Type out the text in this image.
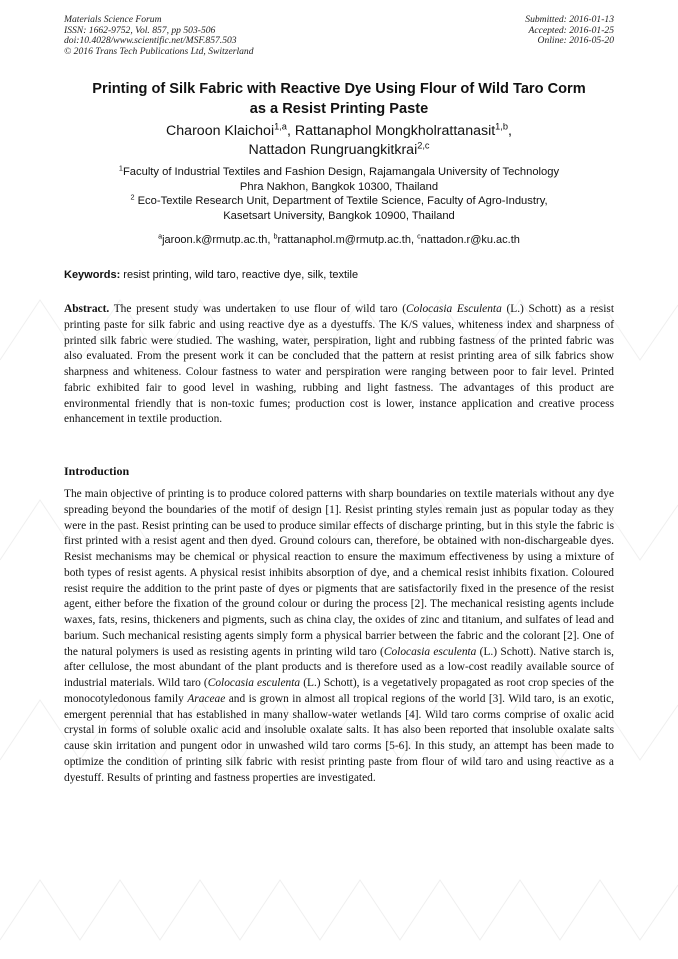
Materials Science Forum
ISSN: 1662-9752, Vol. 857, pp 503-506
doi:10.4028/www.scientific.net/MSF.857.503
© 2016 Trans Tech Publications Ltd, Switzerland
Submitted: 2016-01-13
Accepted: 2016-01-25
Online: 2016-05-20
Printing of Silk Fabric with Reactive Dye Using Flour of Wild Taro Corm
as a Resist Printing Paste
Charoon Klaichoi$^{1,a}$, Rattanaphol Mongkholrattanasit$^{1,b}$,
Nattadon Rungruangkitkrai$^{2,c}$
$^1$Faculty of Industrial Textiles and Fashion Design, Rajamangala University of Technology
Phra Nakhon, Bangkok 10300, Thailand
$^2$ Eco-Textile Research Unit, Department of Textile Science, Faculty of Agro-Industry,
Kasetsart University, Bangkok 10900, Thailand
$^a$jaroon.k@rmutp.ac.th, $^b$rattanaphol.m@rmutp.ac.th, $^c$nattadon.r@ku.ac.th
Keywords: resist printing, wild taro, reactive dye, silk, textile
Abstract. The present study was undertaken to use flour of wild taro (Colocasia Esculenta (L.) Schott) as a resist printing paste for silk fabric and using reactive dye as a dyestuffs. The K/S values, whiteness index and sharpness of printed silk fabric were studied. The washing, water, perspiration, light and rubbing fastness of the printed fabric was also evaluated. From the present work it can be concluded that the pattern at resist printing area of silk fabrics show sharpness and whiteness. Colour fastness to water and perspiration were ranging between poor to fair level. Printed fabric exhibited fair to good level in washing, rubbing and light fastness. The advantages of this product are environmental friendly that is non-toxic fumes; production cost is lower, instance application and creative process enhancement in textile production.
Introduction
The main objective of printing is to produce colored patterns with sharp boundaries on textile materials without any dye spreading beyond the boundaries of the motif of design [1]. Resist printing styles remain just as popular today as they were in the past. Resist printing can be used to produce similar effects of discharge printing, but in this style the fabric is first printed with a resist agent and then dyed. Ground colours can, therefore, be obtained with non-dischargeable dyes. Resist mechanisms may be chemical or physical reaction to ensure the maximum effectiveness by using a mixture of both types of resist agents. A physical resist inhibits absorption of dye, and a chemical resist inhibits fixation. Coloured resist require the addition to the print paste of dyes or pigments that are satisfactorily fixed in the presence of the resist agent, either before the fixation of the ground colour or during the process [2]. The mechanical resisting agents include waxes, fats, resins, thickeners and pigments, such as china clay, the oxides of zinc and titanium, and sulfates of lead and barium. Such mechanical resisting agents simply form a physical barrier between the fabric and the colorant [2]. One of the natural polymers is used as resisting agents in printing wild taro (Colocasia esculenta (L.) Schott). Native starch is, after cellulose, the most abundant of the plant products and is therefore used as a low-cost readily available source of industrial materials. Wild taro (Colocasia esculenta (L.) Schott), is a vegetatively propagated as root crop species of the monocotyledonous family Araceae and is grown in almost all tropical regions of the world [3]. Wild taro, is an exotic, emergent perennial that has established in many shallow-water wetlands [4]. Wild taro corms comprise of oxalic acid crystal in forms of soluble oxalic acid and insoluble oxalate salts. It has also been reported that insoluble oxalate salts cause skin irritation and pungent odor in unwashed wild taro corms [5-6]. In this study, an attempt has been made to optimize the condition of printing silk fabric with resist printing paste from flour of wild taro and using reactive as a dyestuff. Results of printing and fastness properties are investigated.
